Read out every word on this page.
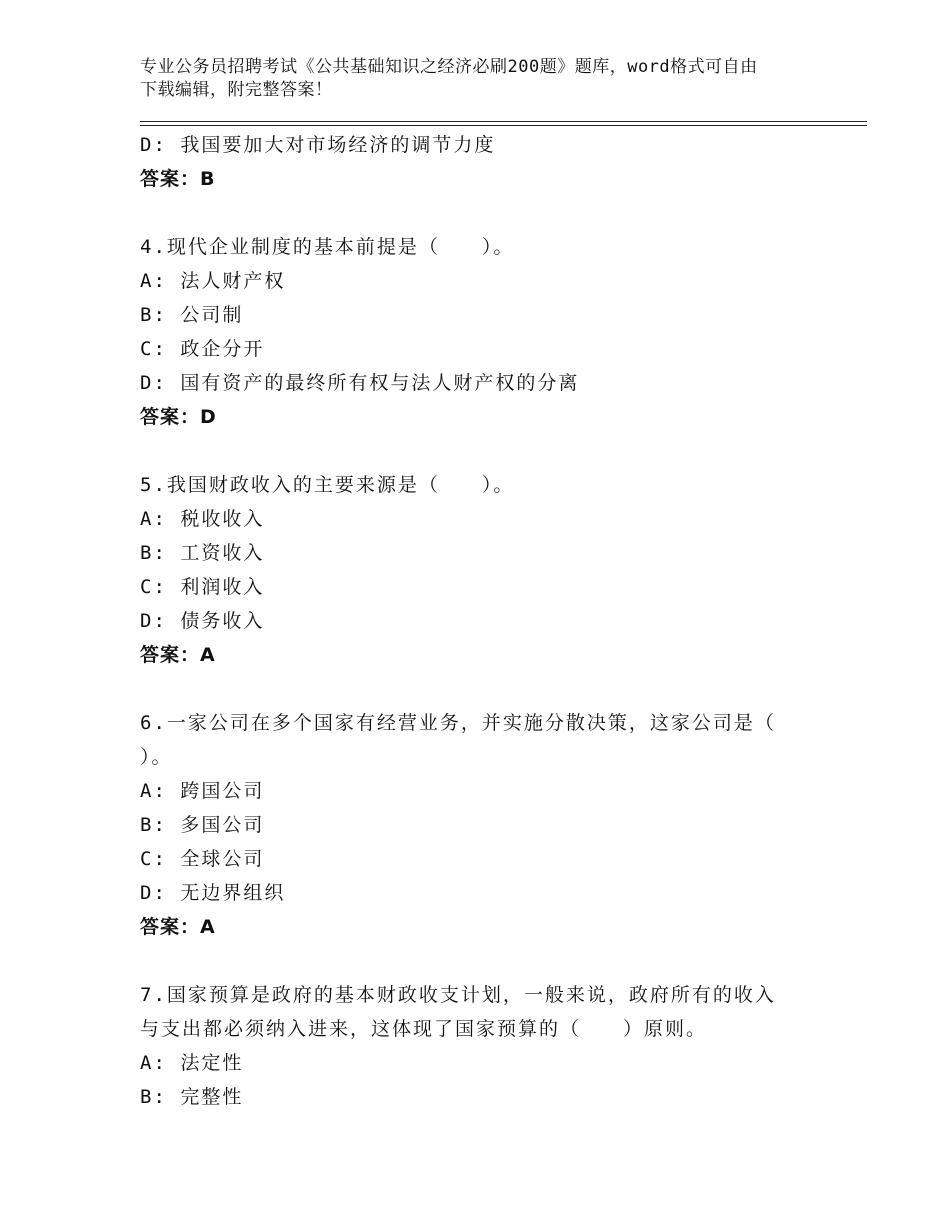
专业公务员招聘考试《公共基础知识之经济必刷200题》题库，word格式可自由
下载编辑，附完整答案！
D: 我国要加大对市场经济的调节力度
答案：B
4.现代企业制度的基本前提是（　　）。
A: 法人财产权
B: 公司制
C: 政企分开
D: 国有资产的最终所有权与法人财产权的分离
答案：D
5.我国财政收入的主要来源是（　　）。
A: 税收收入
B: 工资收入
C: 利润收入
D: 债务收入
答案：A
6.一家公司在多个国家有经营业务，并实施分散决策，这家公司是（
）。
A: 跨国公司
B: 多国公司
C: 全球公司
D: 无边界组织
答案：A
7.国家预算是政府的基本财政收支计划，一般来说，政府所有的收入
与支出都必须纳入进来，这体现了国家预算的（　　）原则。
A: 法定性
B: 完整性
